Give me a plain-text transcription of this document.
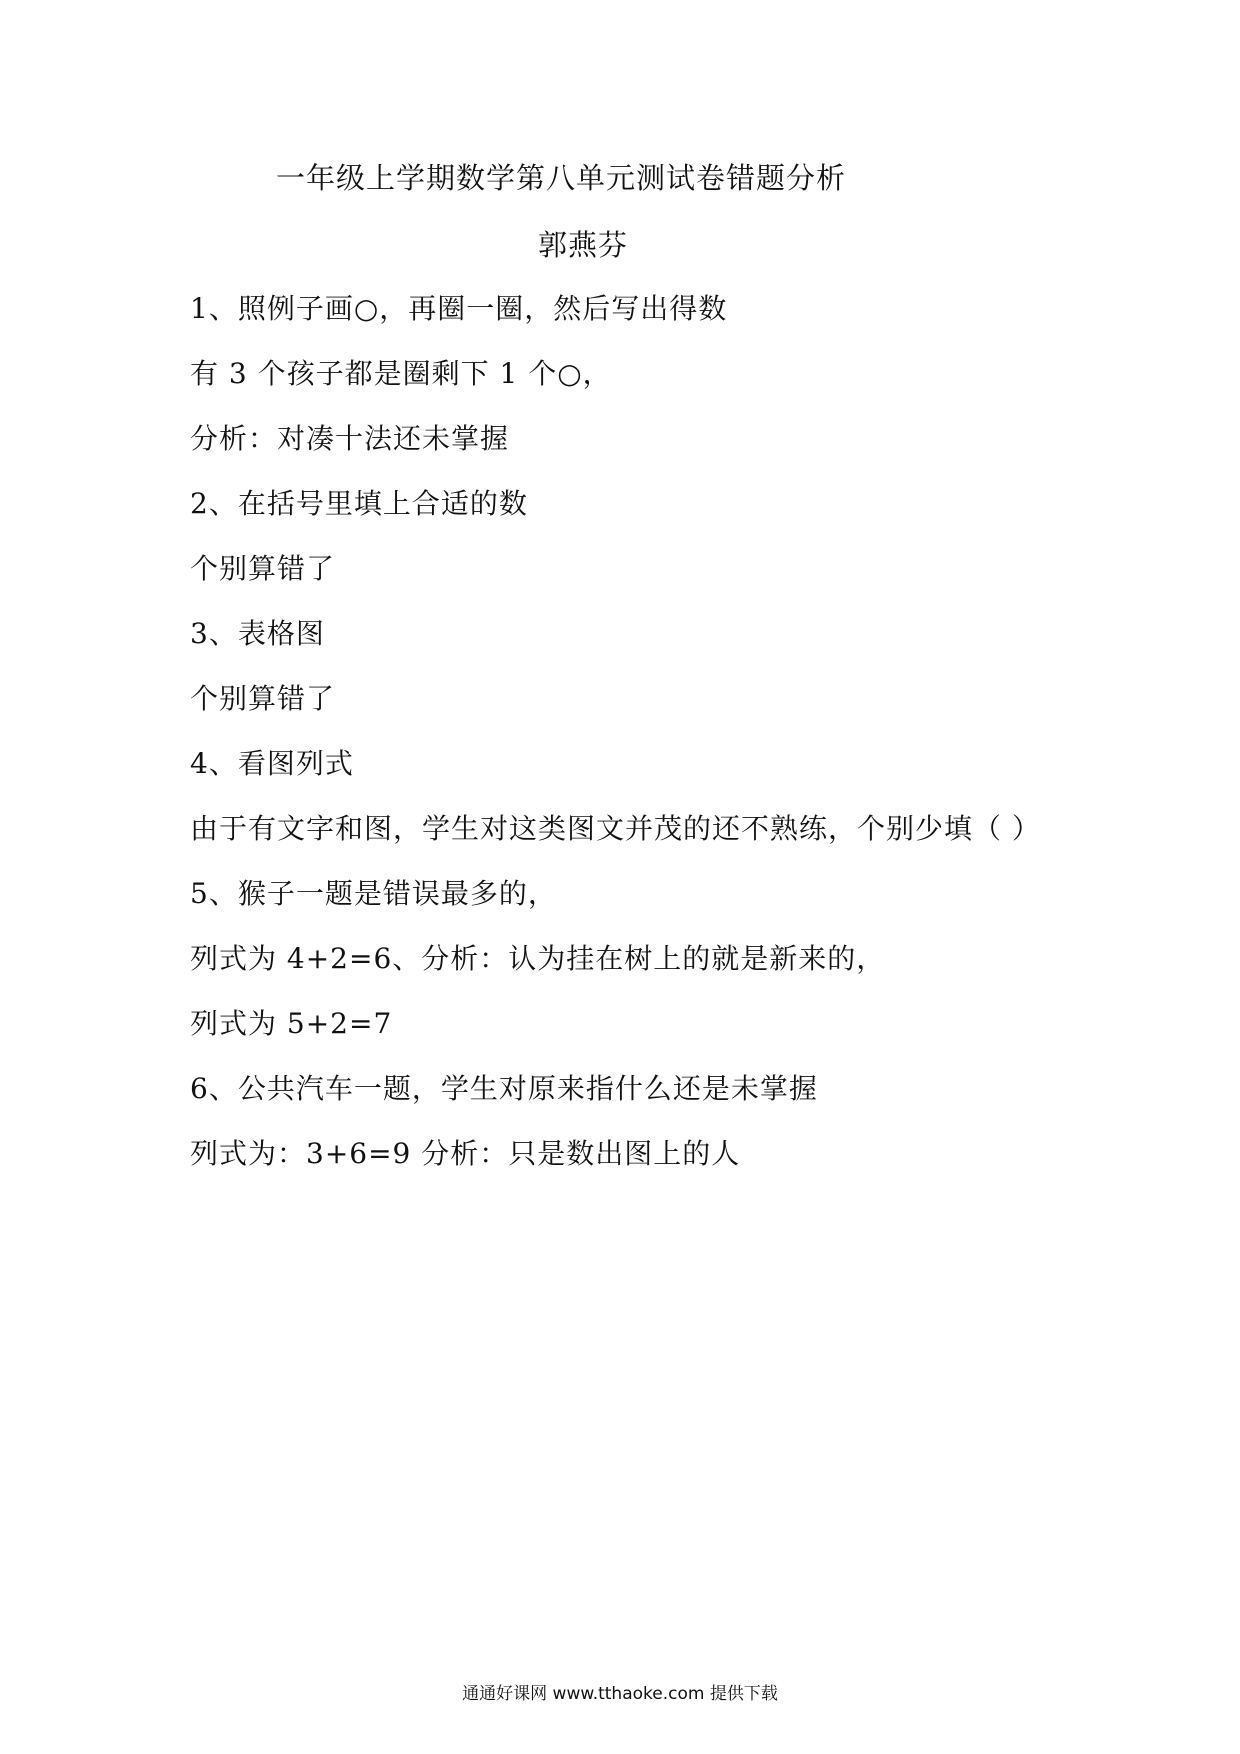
一年级上学期数学第八单元测试卷错题分析
郭燕芬
1、照例子画○，再圈一圈，然后写出得数
有 3 个孩子都是圈剩下 1 个○，
分析：对凑十法还未掌握
2、在括号里填上合适的数
个别算错了
3、表格图
个别算错了
4、看图列式
由于有文字和图，学生对这类图文并茂的还不熟练，个别少填（ ）
5、猴子一题是错误最多的，
列式为 4+2=6、分析：认为挂在树上的就是新来的，
列式为 5+2=7
6、公共汽车一题，学生对原来指什么还是未掌握
列式为：3+6=9 分析：只是数出图上的人
通通好课网 www.tthaoke.com 提供下载
